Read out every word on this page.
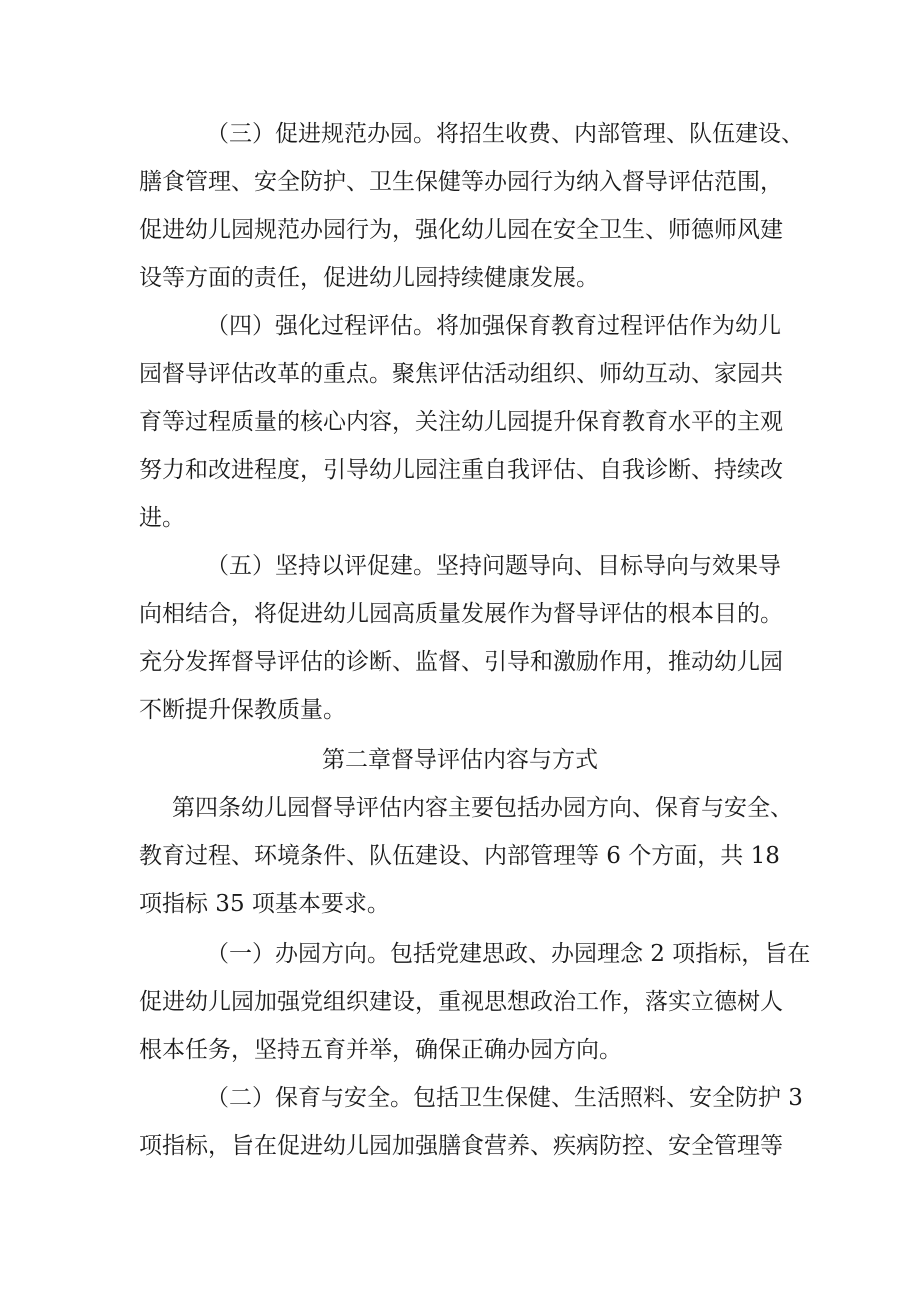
（三）促进规范办园。将招生收费、内部管理、队伍建设、
膳食管理、安全防护、卫生保健等办园行为纳入督导评估范围，
促进幼儿园规范办园行为，强化幼儿园在安全卫生、师德师风建
设等方面的责任，促进幼儿园持续健康发展。
（四）强化过程评估。将加强保育教育过程评估作为幼儿
园督导评估改革的重点。聚焦评估活动组织、师幼互动、家园共
育等过程质量的核心内容，关注幼儿园提升保育教育水平的主观
努力和改进程度，引导幼儿园注重自我评估、自我诊断、持续改
进。
（五）坚持以评促建。坚持问题导向、目标导向与效果导
向相结合，将促进幼儿园高质量发展作为督导评估的根本目的。
充分发挥督导评估的诊断、监督、引导和激励作用，推动幼儿园
不断提升保教质量。
第二章督导评估内容与方式
第四条幼儿园督导评估内容主要包括办园方向、保育与安全、
教育过程、环境条件、队伍建设、内部管理等 6 个方面，共 18
项指标 35 项基本要求。
（一）办园方向。包括党建思政、办园理念 2 项指标，旨在
促进幼儿园加强党组织建设，重视思想政治工作，落实立德树人
根本任务，坚持五育并举，确保正确办园方向。
（二）保育与安全。包括卫生保健、生活照料、安全防护 3
项指标，旨在促进幼儿园加强膳食营养、疾病防控、安全管理等
